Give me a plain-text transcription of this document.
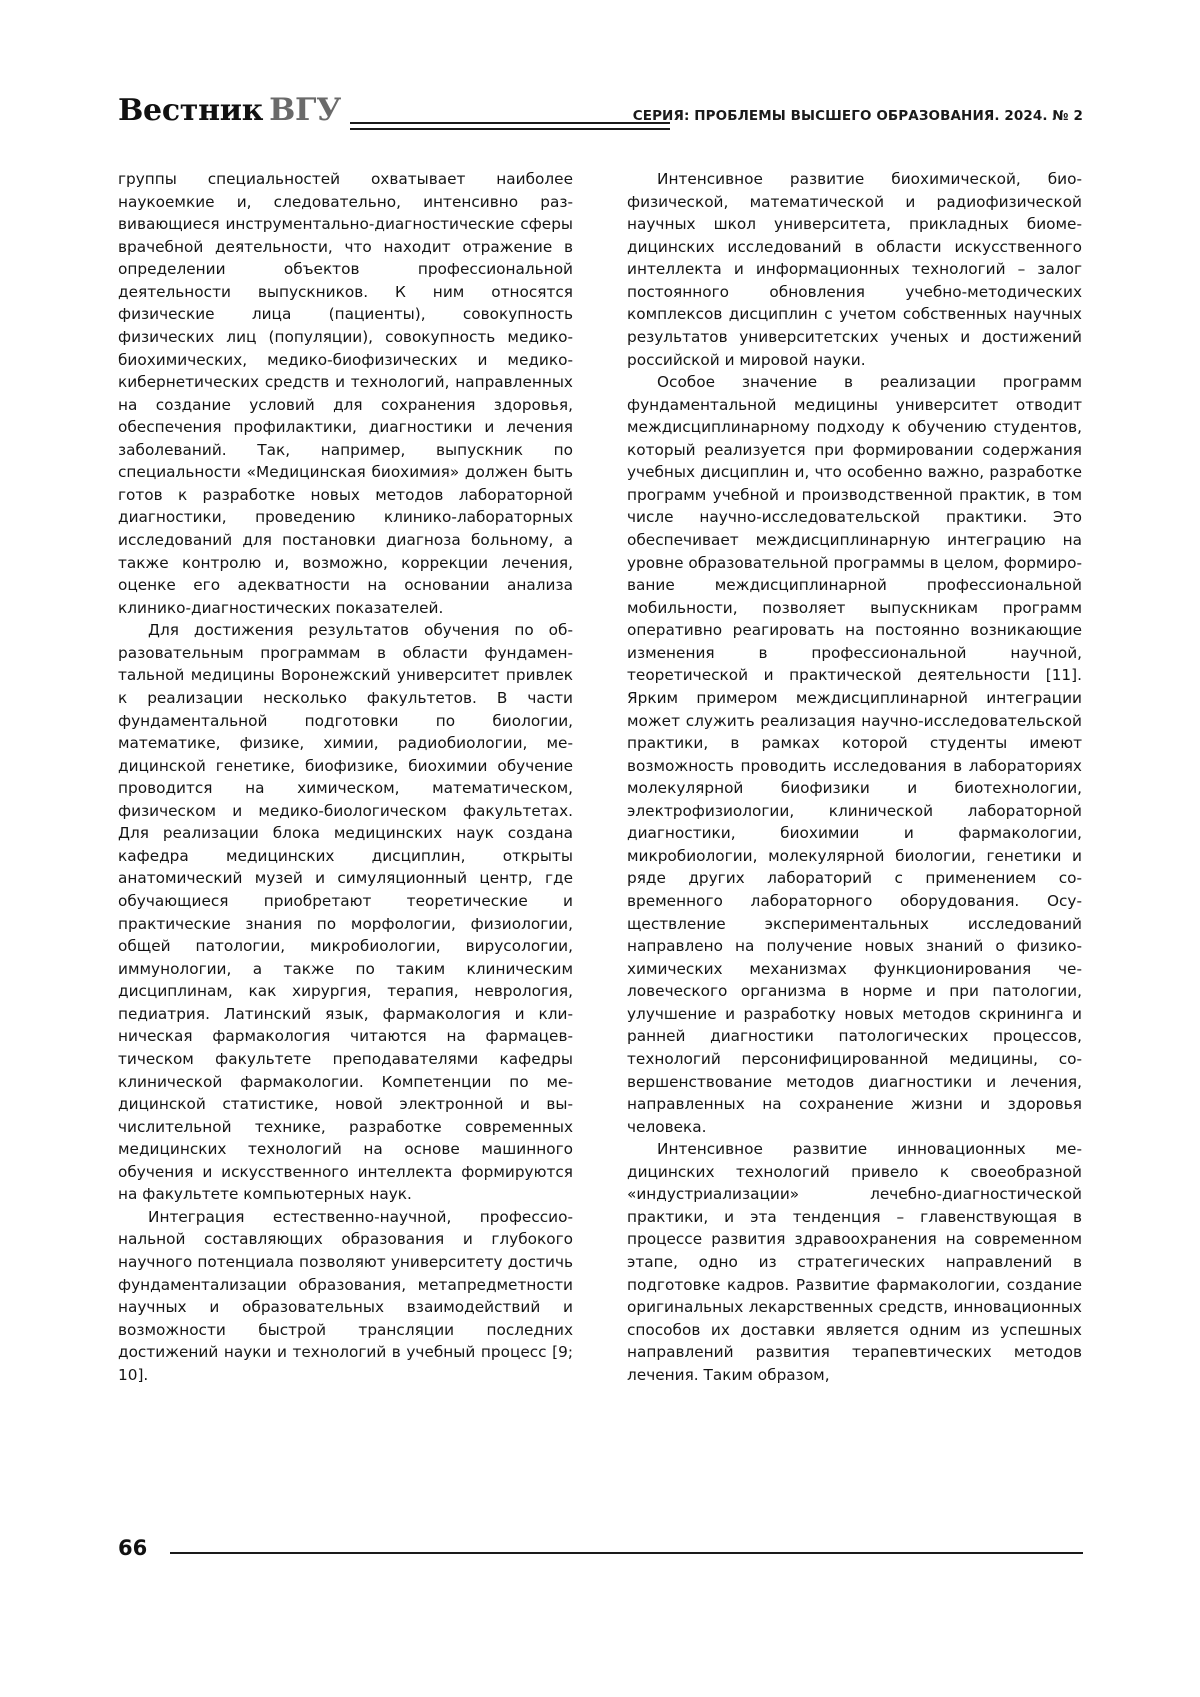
Вестник ВГУ	СЕРИЯ: ПРОБЛЕМЫ ВЫСШЕГО ОБРАЗОВАНИЯ. 2024. № 2

группы специальностей охватывает наиболее наукоемкие и, следовательно, интенсивно развивающиеся инструментально-диагностические сферы врачебной деятельности, что находит отражение в определении объектов профессиональной деятельности выпускников. К ним относятся физические лица (пациенты), совокупность физических лиц (популяции), совокупность медико-биохимических, медико-биофизических и медико-кибернетических средств и технологий, направленных на создание условий для сохранения здоровья, обеспечения профилактики, диагностики и лечения заболеваний. Так, например, выпускник по специальности «Медицинская биохимия» должен быть готов к разработке новых методов лабораторной диагностики, проведению клинико-лабораторных исследований для постановки диагноза больному, а также контролю и, возможно, коррекции лечения, оценке его адекватности на основании анализа клинико-диагностических показателей.

Для достижения результатов обучения по образовательным программам в области фундаментальной медицины Воронежский университет привлек к реализации несколько факультетов. В части фундаментальной подготовки по биологии, математике, физике, химии, радиобиологии, медицинской генетике, биофизике, биохимии обучение проводится на химическом, математическом, физическом и медико-биологическом факультетах. Для реализации блока медицинских наук создана кафедра медицинских дисциплин, открыты анатомический музей и симуляционный центр, где обучающиеся приобретают теоретические и практические знания по морфологии, физиологии, общей патологии, микробиологии, вирусологии, иммунологии, а также по таким клиническим дисциплинам, как хирургия, терапия, неврология, педиатрия. Латинский язык, фармакология и клиническая фармакология читаются на фармацевтическом факультете преподавателями кафедры клинической фармакологии. Компетенции по медицинской статистике, новой электронной и вычислительной технике, разработке современных медицинских технологий на основе машинного обучения и искусственного интеллекта формируются на факультете компьютерных наук.

Интеграция естественно-научной, профессиональной составляющих образования и глубокого научного потенциала позволяют университету достичь фундаментализации образования, метапредметности научных и образовательных взаимодействий и возможности быстрой трансляции последних достижений науки и технологий в учебный процесс [9; 10].

Интенсивное развитие биохимической, биофизической, математической и радиофизической научных школ университета, прикладных биомедицинских исследований в области искусственного интеллекта и информационных технологий – залог постоянного обновления учебно-методических комплексов дисциплин с учетом собственных научных результатов университетских ученых и достижений российской и мировой науки.

Особое значение в реализации программ фундаментальной медицины университет отводит междисциплинарному подходу к обучению студентов, который реализуется при формировании содержания учебных дисциплин и, что особенно важно, разработке программ учебной и производственной практик, в том числе научно-исследовательской практики. Это обеспечивает междисциплинарную интеграцию на уровне образовательной программы в целом, формирование междисциплинарной профессиональной мобильности, позволяет выпускникам программ оперативно реагировать на постоянно возникающие изменения в профессиональной научной, теоретической и практической деятельности [11]. Ярким примером междисциплинарной интеграции может служить реализация научно-исследовательской практики, в рамках которой студенты имеют возможность проводить исследования в лабораториях молекулярной биофизики и биотехнологии, электрофизиологии, клинической лабораторной диагностики, биохимии и фармакологии, микробиологии, молекулярной биологии, генетики и ряде других лабораторий с применением современного лабораторного оборудования. Осуществление экспериментальных исследований направлено на получение новых знаний о физико-химических механизмах функционирования человеческого организма в норме и при патологии, улучшение и разработку новых методов скрининга и ранней диагностики патологических процессов, технологий персонифицированной медицины, совершенствование методов диагностики и лечения, направленных на сохранение жизни и здоровья человека.

Интенсивное развитие инновационных медицинских технологий привело к своеобразной «индустриализации» лечебно-диагностической практики, и эта тенденция – главенствующая в процессе развития здравоохранения на современном этапе, одно из стратегических направлений в подготовке кадров. Развитие фармакологии, создание оригинальных лекарственных средств, инновационных способов их доставки является одним из успешных направлений развития терапевтических методов лечения. Таким образом,

66
